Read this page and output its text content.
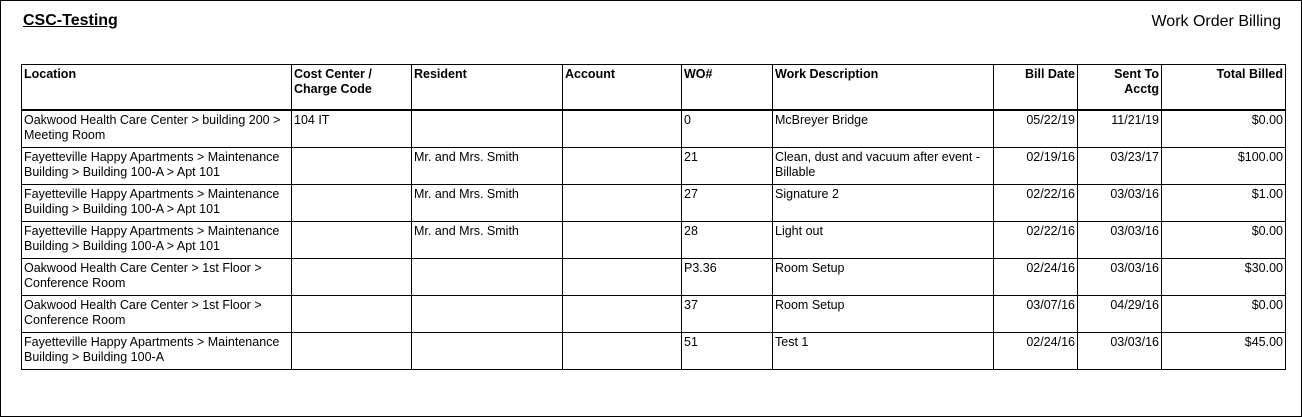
CSC-Testing	Work Order Billing
Location	Cost Center / Charge Code	Resident	Account	WO#	Work Description	Bill Date	Sent To Acctg	Total Billed
Oakwood Health Care Center > building 200 > Meeting Room	104 IT			0	McBreyer Bridge	05/22/19	11/21/19	$0.00
Fayetteville Happy Apartments > Maintenance Building > Building 100-A > Apt 101		Mr. and Mrs. Smith		21	Clean, dust and vacuum after event - Billable	02/19/16	03/23/17	$100.00
Fayetteville Happy Apartments > Maintenance Building > Building 100-A > Apt 101		Mr. and Mrs. Smith		27	Signature 2	02/22/16	03/03/16	$1.00
Fayetteville Happy Apartments > Maintenance Building > Building 100-A > Apt 101		Mr. and Mrs. Smith		28	Light out	02/22/16	03/03/16	$0.00
Oakwood Health Care Center > 1st Floor > Conference Room				P3.36	Room Setup	02/24/16	03/03/16	$30.00
Oakwood Health Care Center > 1st Floor > Conference Room				37	Room Setup	03/07/16	04/29/16	$0.00
Fayetteville Happy Apartments > Maintenance Building > Building 100-A				51	Test 1	02/24/16	03/03/16	$45.00
